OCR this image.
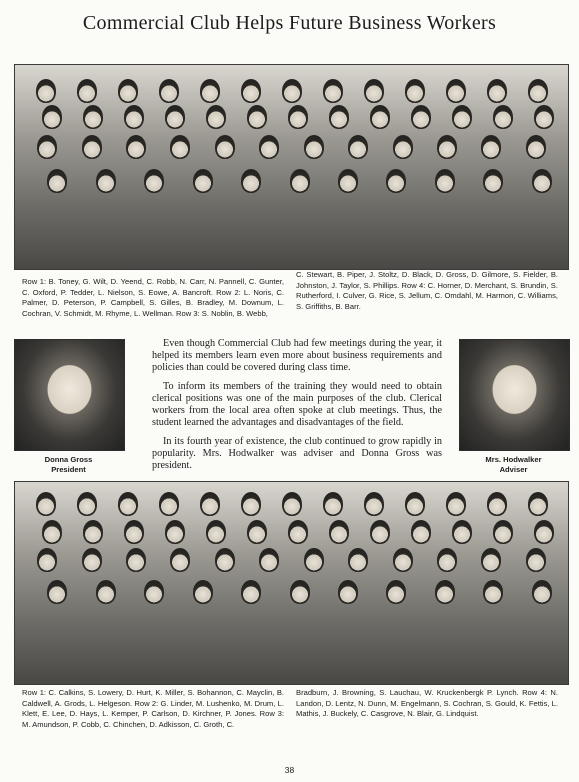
Commercial Club Helps Future Business Workers
Row 1: B. Toney, G. Wilt, D. Yeend, C. Robb, N. Carr, N. Pannell, C. Gunter, C. Oxford, P. Tedder, L. Nielson, S. Eowe, A. Bancroft. Row 2: L. Noris, C. Palmer, D. Peterson, P. Campbell, S. Gilles, B. Bradley, M. Downum, L. Cochran, V. Schmidt, M. Rhyme, L. Wellman. Row 3: S. Noblin, B. Webb,
C. Stewart, B. Piper, J. Stoltz, D. Black, D. Gross, D. Gilmore, S. Fielder, B. Johnston, J. Taylor, S. Phillips. Row 4: C. Horner, D. Merchant, S. Brundin, S. Rutherford, I. Culver, G. Rice, S. Jellum, C. Omdahl, M. Harmon, C. Williams, S. Griffiths, B. Barr.
Donna Gross
President
Mrs. Hodwalker
Adviser

Even though Commercial Club had few meetings during the year, it helped its members learn even more about business requirements and policies than could be covered during class time.

To inform its members of the training they would need to obtain clerical positions was one of the main purposes of the club. Clerical workers from the local area often spoke at club meetings. Thus, the student learned the advantages and disadvantages of the field.

In its fourth year of existence, the club continued to grow rapidly in popularity. Mrs. Hodwalker was adviser and Donna Gross was president.

Row 1: C. Calkins, S. Lowery, D. Hurt, K. Miller, S. Bohannon, C. Mayclin, B. Caldwell, A. Grods, L. Helgeson. Row 2: G. Linder, M. Lushenko, M. Drum, L. Klett, E. Lee, D. Hays, L. Kemper, P. Carlson, D. Kirchner, P. Jones. Row 3: M. Amundson, P. Cobb, C. Chinchen, D. Adkisson, C. Groth, C.
Bradburn, J. Browning, S. Lauchau, W. Kruckenbergk P. Lynch. Row 4: N. Landon, D. Lentz, N. Dunn, M. Engelmann, S. Cochran, S. Gould, K. Fettis, L. Mathis, J. Buckely, C. Casgrove, N. Blair, G. Lindquist.
38
